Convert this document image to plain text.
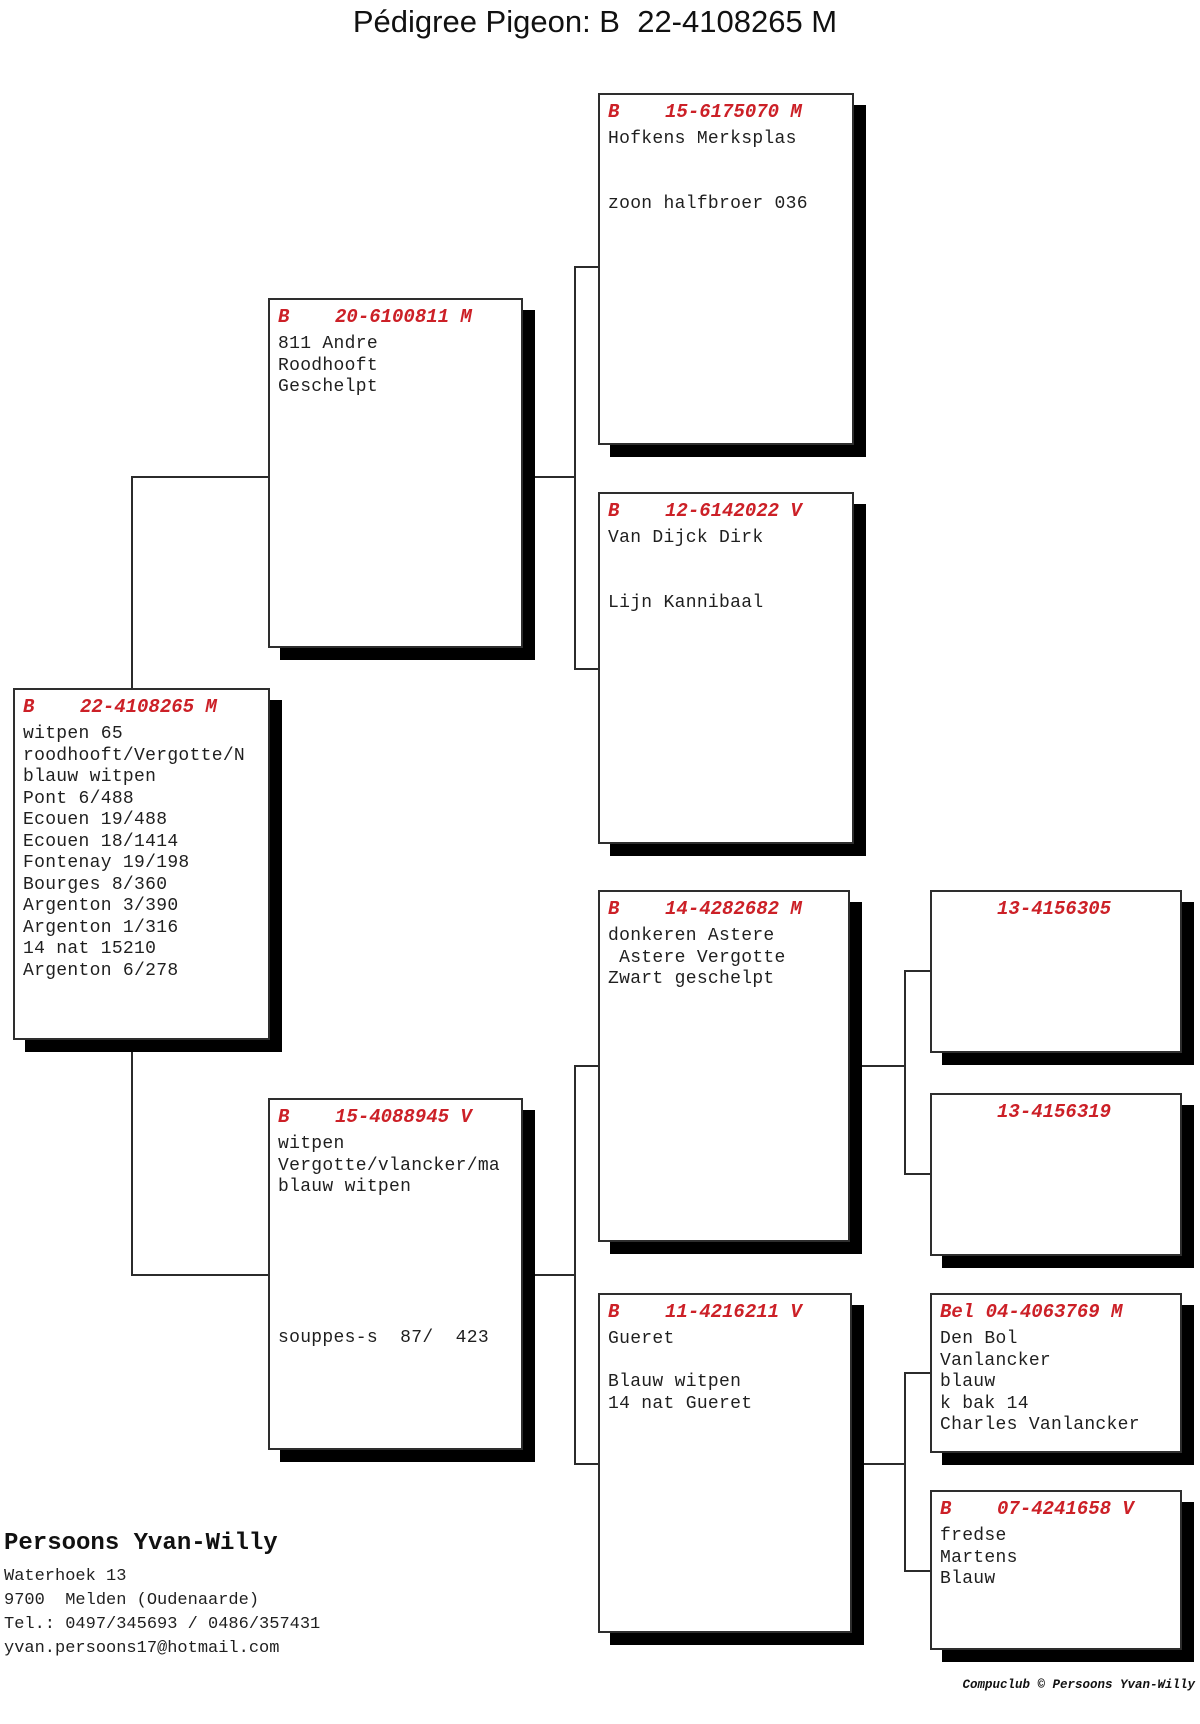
Pédigree Pigeon: B  22-4108265 M
B    15-6175070 M
Hofkens Merksplas
zoon halfbroer 036
B    20-6100811 M
811 Andre
Roodhooft
Geschelpt
B    12-6142022 V
Van Dijck Dirk
Lijn Kannibaal
B    22-4108265 M
witpen 65
roodhooft/Vergotte/N
blauw witpen
Pont 6/488
Ecouen 19/488
Ecouen 18/1414
Fontenay 19/198
Bourges 8/360
Argenton 3/390
Argenton 1/316
14 nat 15210
Argenton 6/278
B    14-4282682 M
donkeren Astere
Astere Vergotte
Zwart geschelpt
13-4156305
13-4156319
B    15-4088945 V
witpen
Vergotte/vlancker/ma
blauw witpen
souppes-s  87/  423
B    11-4216211 V
Gueret
Blauw witpen
14 nat Gueret
Bel 04-4063769 M
Den Bol
Vanlancker
blauw
k bak 14
Charles Vanlancker
B    07-4241658 V
fredse
Martens
Blauw
Persoons Yvan-Willy
Waterhoek 13
9700  Melden (Oudenaarde)
Tel.: 0497/345693 / 0486/357431
yvan.persoons17@hotmail.com
Compuclub © Persoons Yvan-Willy
